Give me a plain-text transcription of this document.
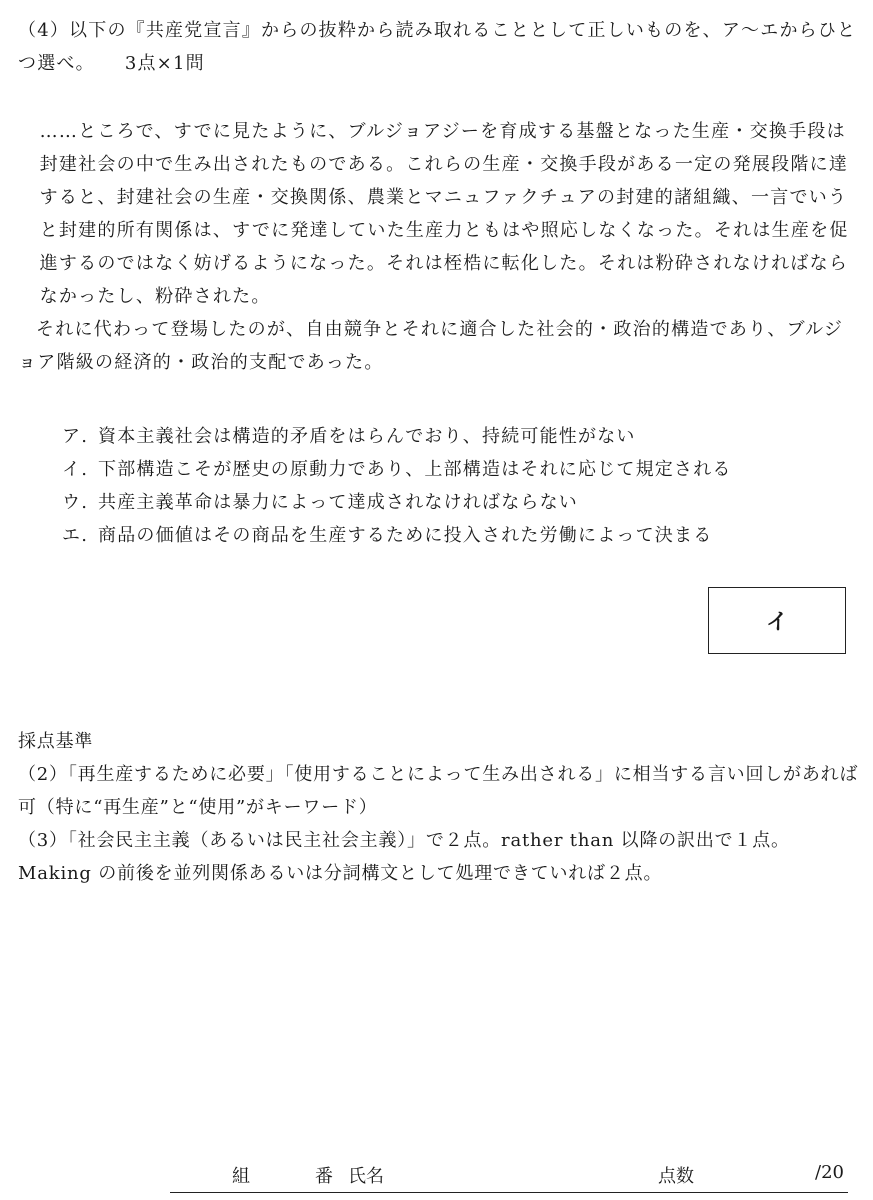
（4）以下の『共産党宣言』からの抜粋から読み取れることとして正しいものを、ア～エからひとつ選べ。 3点×1問

……ところで、すでに見たように、ブルジョアジーを育成する基盤となった生産・交換手段は封建社会の中で生み出されたものである。これらの生産・交換手段がある一定の発展段階に達すると、封建社会の生産・交換関係、農業とマニュファクチュアの封建的諸組織、一言でいうと封建的所有関係は、すでに発達していた生産力ともはや照応しなくなった。それは生産を促進するのではなく妨げるようになった。それは桎梏に転化した。それは粉砕されなければならなかったし、粉砕された。

それに代わって登場したのが、自由競争とそれに適合した社会的・政治的構造であり、ブルジョア階級の経済的・政治的支配であった。

ア. 資本主義社会は構造的矛盾をはらんでおり、持続可能性がない
イ. 下部構造こそが歴史の原動力であり、上部構造はそれに応じて規定される
ウ. 共産主義革命は暴力によって達成されなければならない
エ. 商品の価値はその商品を生産するために投入された労働によって決まる
イ
採点基準

（2）「再生産するために必要」「使用することによって生み出される」に相当する言い回しがあれば可（特に“再生産”と“使用”がキーワード）

（3）「社会民主主義（あるいは民主社会主義）」で２点。rather than 以降の訳出で１点。Making の前後を並列関係あるいは分詞構文として処理できていれば２点。

組	番 氏名	点数	/20
